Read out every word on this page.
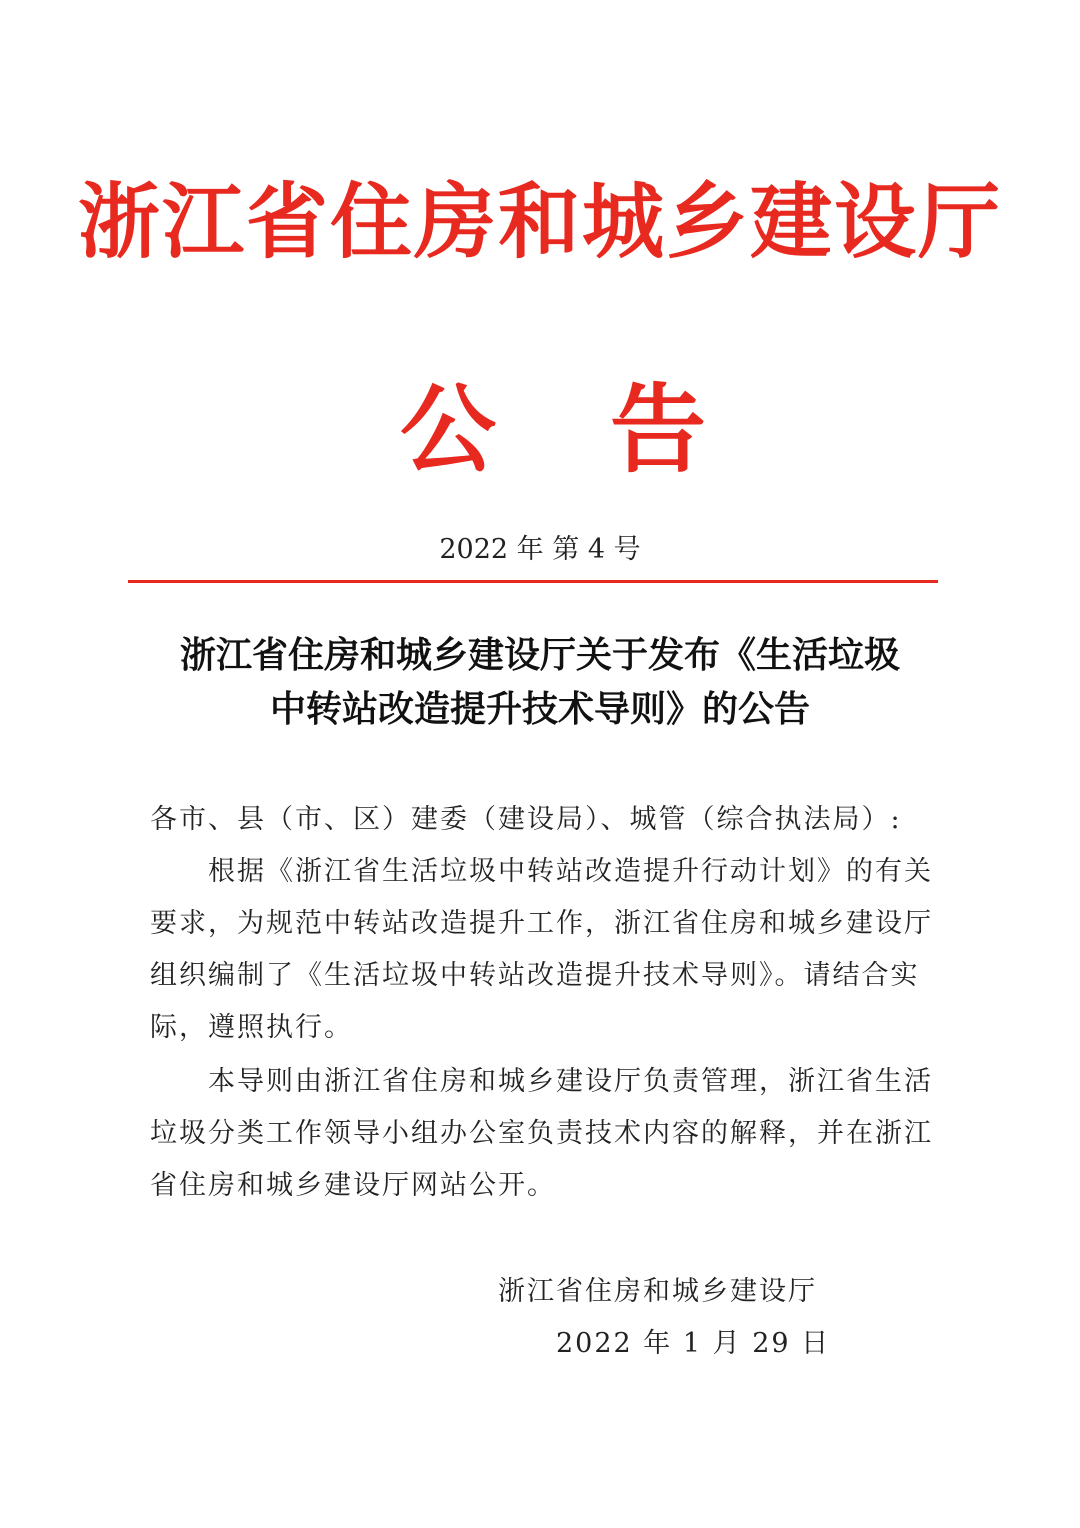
浙江省住房和城乡建设厅
公 告
2022 年 第 4 号
浙江省住房和城乡建设厅关于发布《生活垃圾
中转站改造提升技术导则》的公告
各市、县（市、区）建委（建设局）、城管（综合执法局）:
根据《浙江省生活垃圾中转站改造提升行动计划》的有关
要求，为规范中转站改造提升工作，浙江省住房和城乡建设厅
组织编制了《生活垃圾中转站改造提升技术导则》。请结合实
际，遵照执行。
本导则由浙江省住房和城乡建设厅负责管理，浙江省生活
垃圾分类工作领导小组办公室负责技术内容的解释，并在浙江
省住房和城乡建设厅网站公开。
浙江省住房和城乡建设厅
2022 年 1 月 29 日
